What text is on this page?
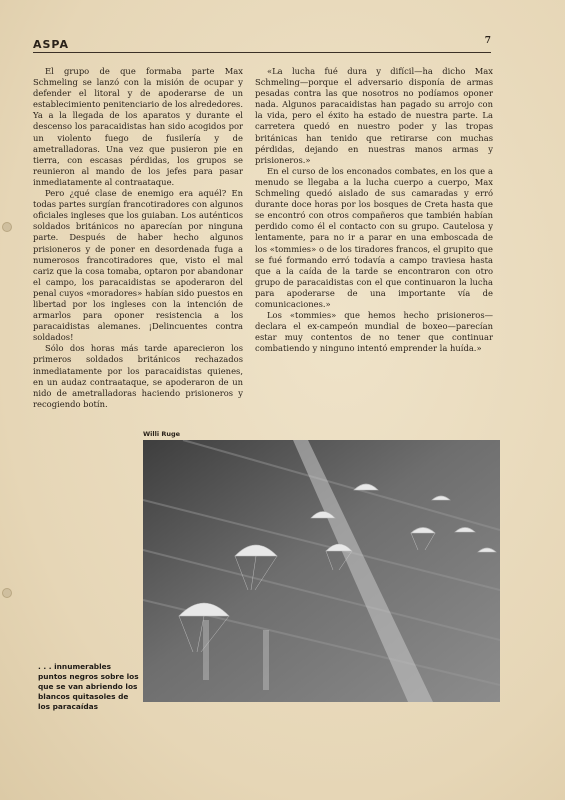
ASPA	7

El grupo de que formaba parte Max Schmeling se lanzó con la misión de ocupar y defender el litoral y de apoderarse de un establecimiento penitenciario de los alrededores. Ya a la llegada de los aparatos y durante el descenso los paracaidistas han sido acogidos por un violento fuego de fusilería y de ametralladoras. Una vez que pusieron pie en tierra, con escasas pérdidas, los grupos se reunieron al mando de los jefes para pasar inmediatamente al contraataque.

Pero ¿qué clase de enemigo era aquél? En todas partes surgían francotiradores con algunos oficiales ingleses que los guiaban. Los auténticos soldados británicos no aparecían por ninguna parte. Después de haber hecho algunos prisioneros y de poner en desordenada fuga a numerosos francotiradores que, visto el mal cariz que la cosa tomaba, optaron por abandonar el campo, los paracaidistas se apoderaron del penal cuyos «moradores» habían sido puestos en libertad por los ingleses con la intención de armarlos para oponer resistencia a los paracaidistas alemanes. ¡Delincuentes contra soldados!

Sólo dos horas más tarde aparecieron los primeros soldados británicos rechazados inmediatamente por los paracaidistas quienes, en un audaz contraataque, se apoderaron de un nido de ametralladoras haciendo prisioneros y recogiendo botín.

«La lucha fué dura y difícil—ha dicho Max Schmeling—porque el adversario disponía de armas pesadas contra las que nosotros no podíamos oponer nada. Algunos paracaidistas han pagado su arrojo con la vida, pero el éxito ha estado de nuestra parte. La carretera quedó en nuestro poder y las tropas británicas han tenido que retirarse con muchas pérdidas, dejando en nuestras manos armas y prisioneros.»

En el curso de los enconados combates, en los que a menudo se llegaba a la lucha cuerpo a cuerpo, Max Schmeling quedó aislado de sus camaradas y erró durante doce horas por los bosques de Creta hasta que se encontró con otros compañeros que también habían perdido como él el contacto con su grupo. Cautelosa y lentamente, para no ir a parar en una emboscada de los «tommies» o de los tiradores francos, el grupito que se fué formando erró todavía a campo traviesa hasta que a la caída de la tarde se encontraron con otro grupo de paracaidistas con el que continuaron la lucha para apoderarse de una importante vía de comunicaciones.»

Los «tommies» que hemos hecho prisioneros—declara el ex-campeón mundial de boxeo—parecían estar muy contentos de no tener que continuar combatiendo y ninguno intentó emprender la huída.»

Willi Ruge
. . . innumerables puntos negros sobre los que se van abriendo los blancos quitasoles de los paracaídas
